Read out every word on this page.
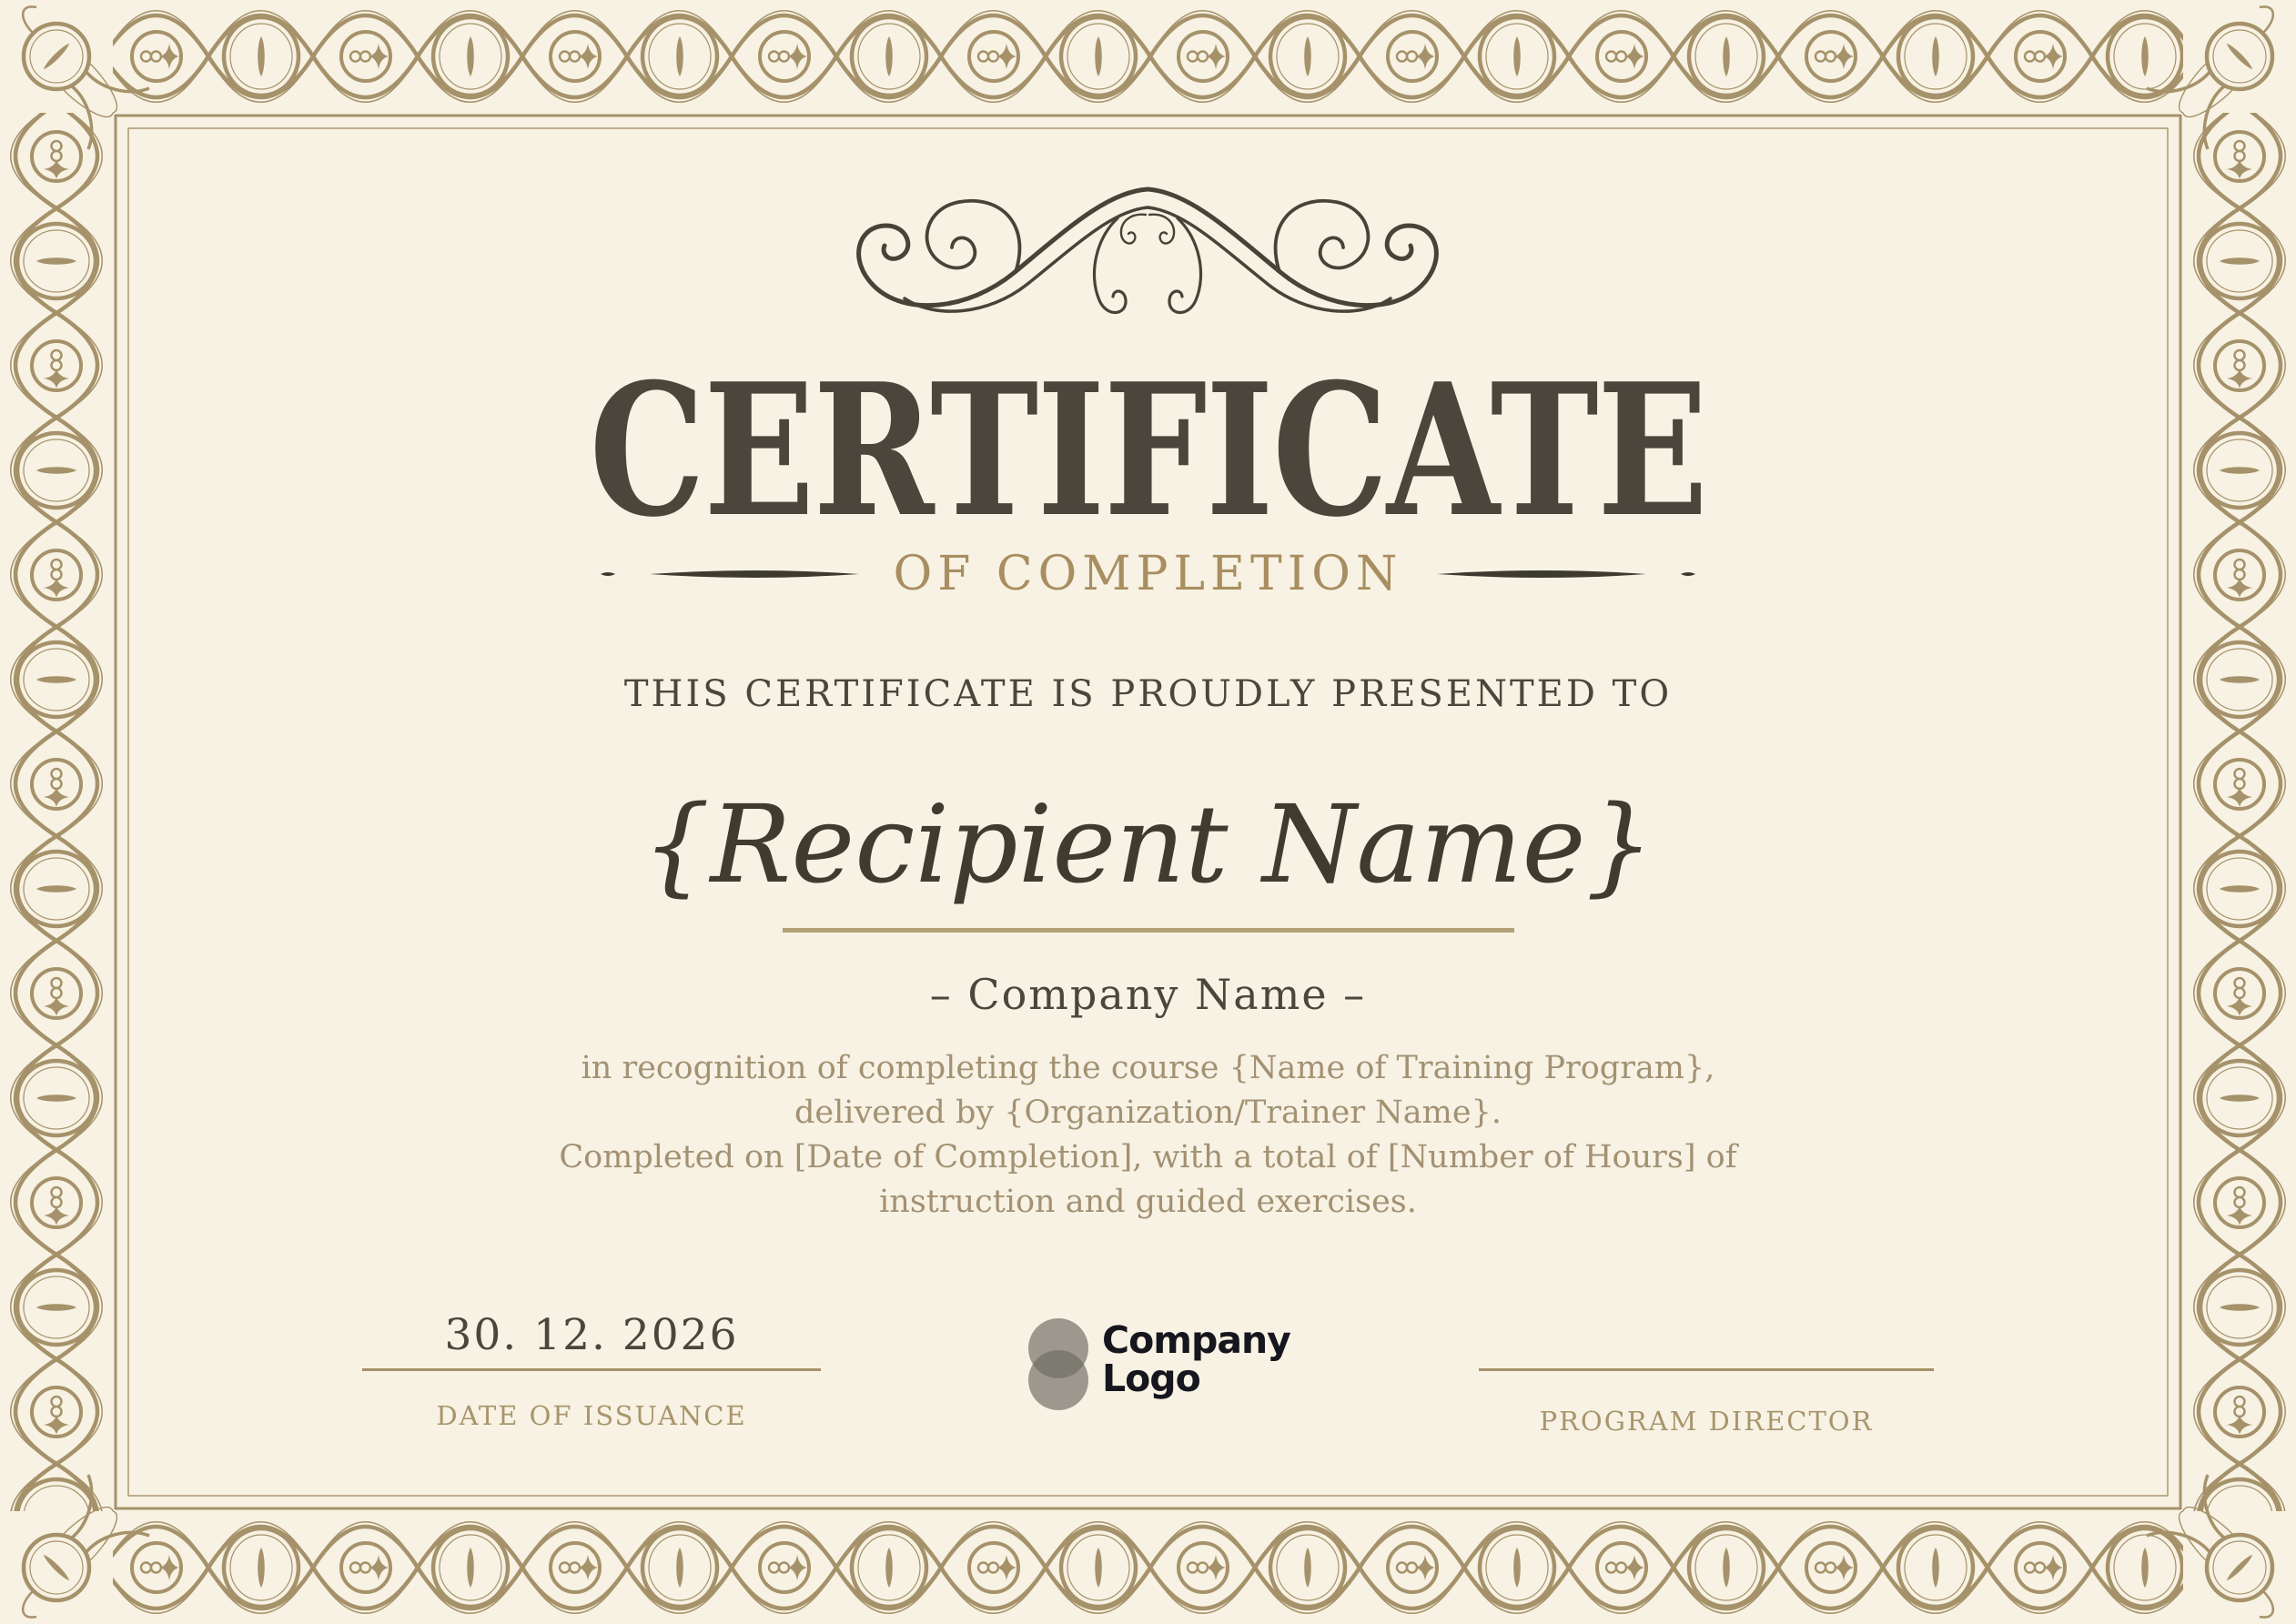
CERTIFICATE
OF COMPLETION
THIS CERTIFICATE IS PROUDLY PRESENTED TO
{Recipient Name}
– Company Name –
in recognition of completing the course {Name of Training Program},
delivered by {Organization/Trainer Name}.
Completed on [Date of Completion], with a total of [Number of Hours] of
instruction and guided exercises.
30. 12. 2026
DATE OF ISSUANCE
Company
Logo
PROGRAM DIRECTOR
